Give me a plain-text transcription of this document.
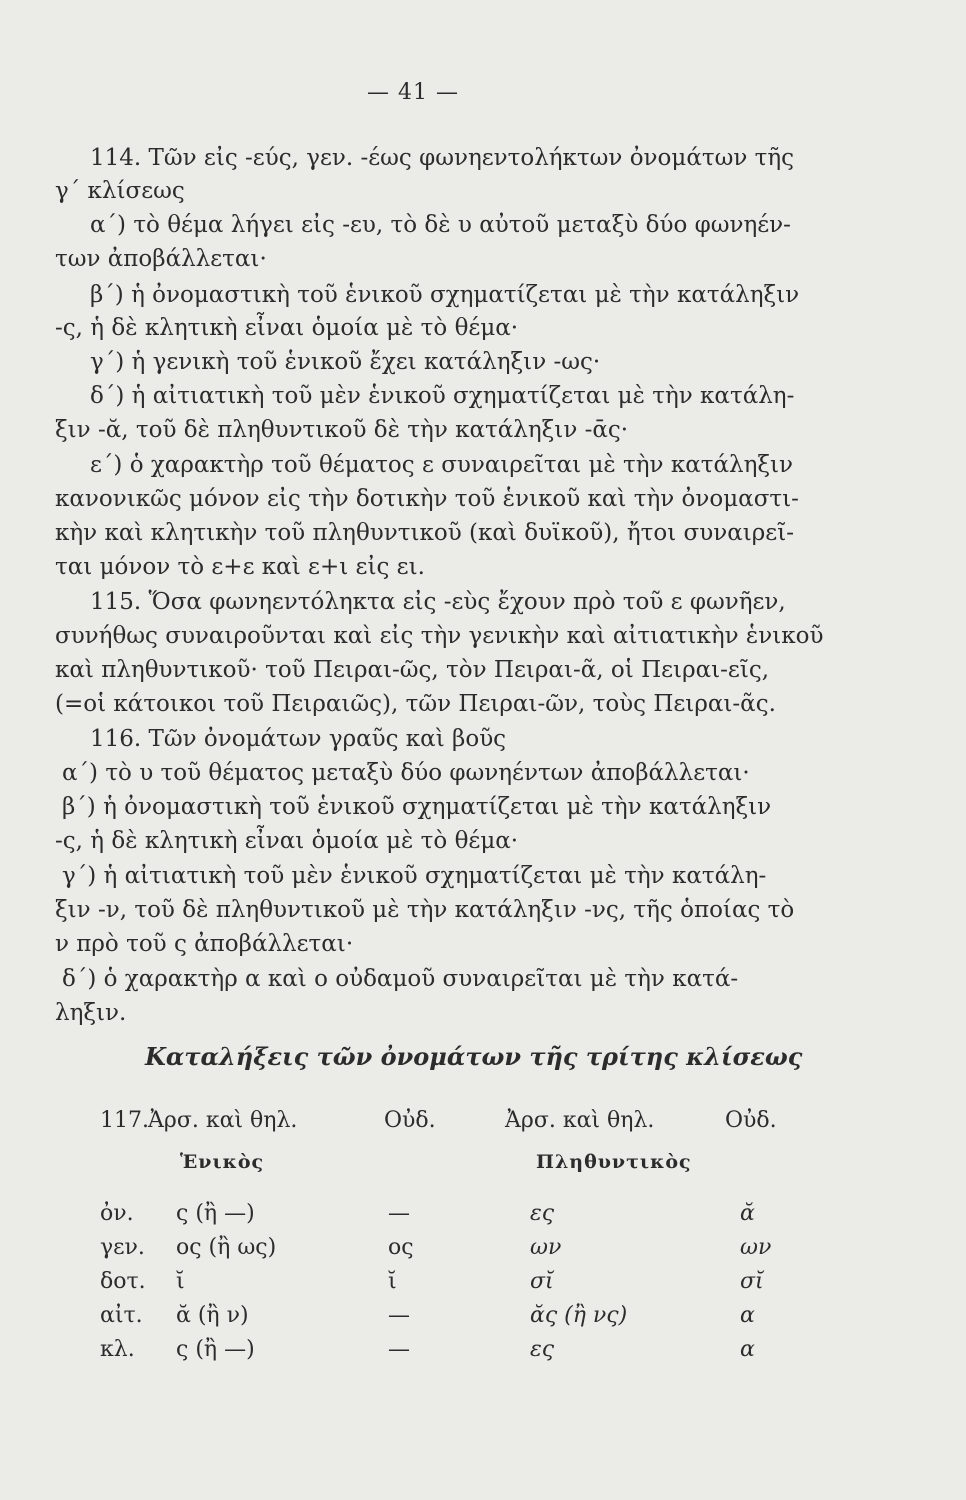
— 41 —
114. Τῶν εἰς -εύς, γεν. -έως φωνηεντολήκτων ὀνομάτων τῆς
γ΄ κλίσεως
α΄) τὸ θέμα λήγει εἰς -ευ, τὸ δὲ υ αὐτοῦ μεταξὺ δύο φωνηέν-
των ἀποβάλλεται·
β΄) ἡ ὀνομαστικὴ τοῦ ἑνικοῦ σχηματίζεται μὲ τὴν κατάληξιν
-ς, ἡ δὲ κλητικὴ εἶναι ὁμοία μὲ τὸ θέμα·
γ΄) ἡ γενικὴ τοῦ ἑνικοῦ ἔχει κατάληξιν -ως·
δ΄) ἡ αἰτιατικὴ τοῦ μὲν ἑνικοῦ σχηματίζεται μὲ τὴν κατάλη-
ξιν -ᾰ, τοῦ δὲ πληθυντικοῦ δὲ τὴν κατάληξιν -ᾱς·
ε΄) ὁ χαρακτὴρ τοῦ θέματος ε συναιρεῖται μὲ τὴν κατάληξιν
κανονικῶς μόνον εἰς τὴν δοτικὴν τοῦ ἑνικοῦ καὶ τὴν ὀνομαστι-
κὴν καὶ κλητικὴν τοῦ πληθυντικοῦ (καὶ δυϊκοῦ), ἤτοι συναιρεῖ-
ται μόνον τὸ ε+ε καὶ ε+ι εἰς ει.
115. Ὅσα φωνηεντόληκτα εἰς -εὺς ἔχουν πρὸ τοῦ ε φωνῆεν,
συνήθως συναιροῦνται καὶ εἰς τὴν γενικὴν καὶ αἰτιατικὴν ἑνικοῦ
καὶ πληθυντικοῦ· τοῦ Πειραι-ῶς, τὸν Πειραι-ᾶ, οἱ Πειραι-εῖς,
(=οἱ κάτοικοι τοῦ Πειραιῶς), τῶν Πειραι-ῶν, τοὺς Πειραι-ᾶς.
116. Τῶν ὀνομάτων γραῦς καὶ βοῦς
α΄) τὸ υ τοῦ θέματος μεταξὺ δύο φωνηέντων ἀποβάλλεται·
β΄) ἡ ὀνομαστικὴ τοῦ ἑνικοῦ σχηματίζεται μὲ τὴν κατάληξιν
-ς, ἡ δὲ κλητικὴ εἶναι ὁμοία μὲ τὸ θέμα·
γ΄) ἡ αἰτιατικὴ τοῦ μὲν ἑνικοῦ σχηματίζεται μὲ τὴν κατάλη-
ξιν -ν, τοῦ δὲ πληθυντικοῦ μὲ τὴν κατάληξιν -νς, τῆς ὁποίας τὸ
ν πρὸ τοῦ ς ἀποβάλλεται·
δ΄) ὁ χαρακτὴρ α καὶ ο οὐδαμοῦ συναιρεῖται μὲ τὴν κατά-
ληξιν.
Καταλήξεις τῶν ὀνομάτων τῆς τρίτης κλίσεως
117. Ἀρσ. καὶ θηλ.	Οὐδ.	Ἀρσ. καὶ θηλ.	Οὐδ.
Ἑνικὸς	Πληθυντικὸς
ὀν. ς (ἢ —)	—	ες	ᾰ
γεν. ος (ἢ ως)	ος	ων	ων
δοτ. ῐ	ῐ	σῐ	σῐ
αἰτ. ᾰ (ἢ ν)	—	ᾰς (ἢ νς)	α
κλ. ς (ἢ —)	—	ες	α
